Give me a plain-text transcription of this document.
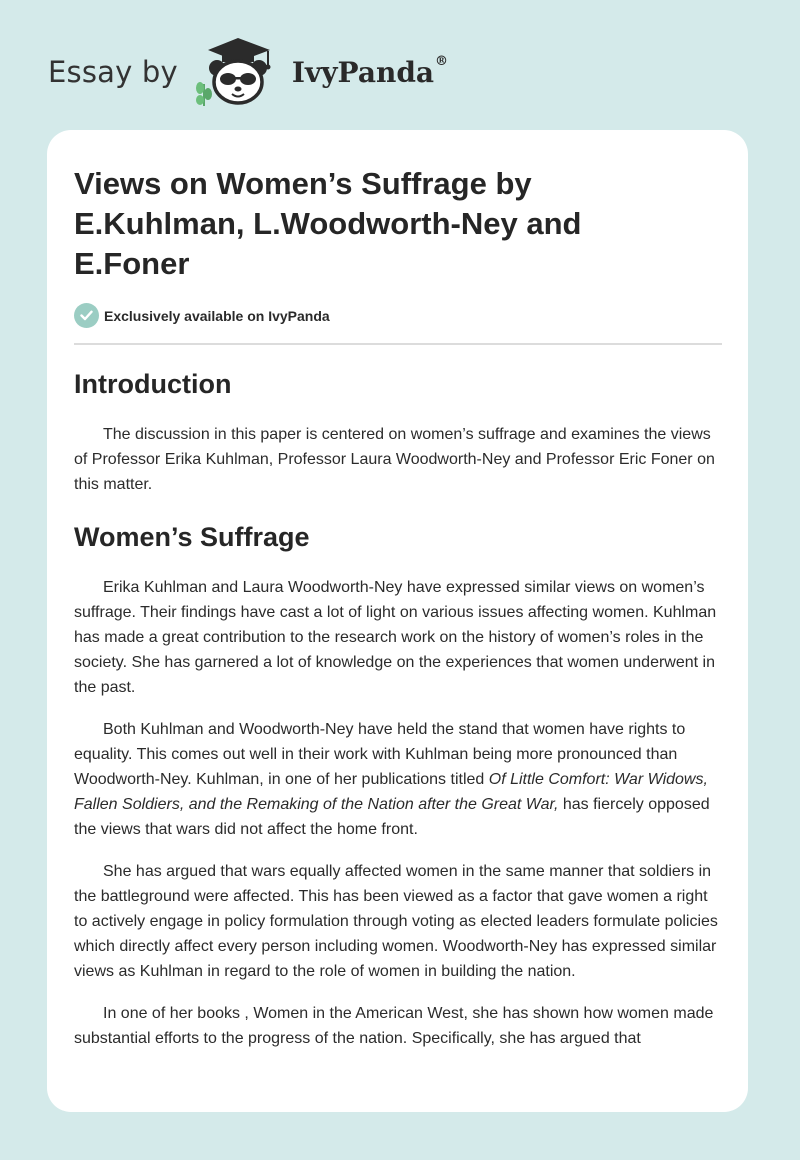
Essay by	IvyPanda®
Views on Women’s Suffrage by E.Kuhlman, L.Woodworth-Ney and E.Foner
Exclusively available on IvyPanda
Introduction

The discussion in this paper is centered on women’s suffrage and examines the views of Professor Erika Kuhlman, Professor Laura Woodworth-Ney and Professor Eric Foner on this matter.

Women’s Suffrage

Erika Kuhlman and Laura Woodworth-Ney have expressed similar views on women’s suffrage. Their findings have cast a lot of light on various issues affecting women. Kuhlman has made a great contribution to the research work on the history of women’s roles in the society. She has garnered a lot of knowledge on the experiences that women underwent in the past.

Both Kuhlman and Woodworth-Ney have held the stand that women have rights to equality. This comes out well in their work with Kuhlman being more pronounced than Woodworth-Ney. Kuhlman, in one of her publications titled Of Little Comfort: War Widows, Fallen Soldiers, and the Remaking of the Nation after the Great War, has fiercely opposed the views that wars did not affect the home front.

She has argued that wars equally affected women in the same manner that soldiers in the battleground were affected. This has been viewed as a factor that gave women a right to actively engage in policy formulation through voting as elected leaders formulate policies which directly affect every person including women. Woodworth-Ney has expressed similar views as Kuhlman in regard to the role of women in building the nation.

In one of her books , Women in the American West, she has shown how women made substantial efforts to the progress of the nation. Specifically, she has argued that
